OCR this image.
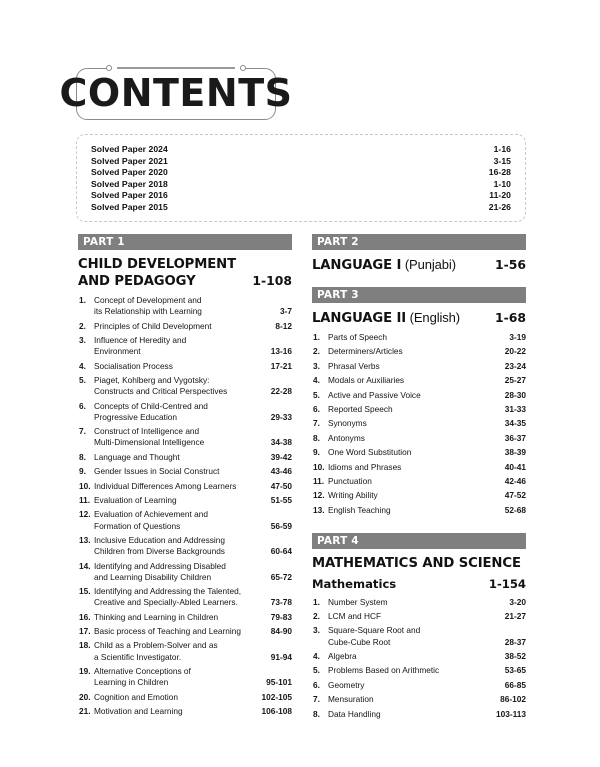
CONTENTS
Solved Paper 2024	1-16
Solved Paper 2021	3-15
Solved Paper 2020	16-28
Solved Paper 2018	1-10
Solved Paper 2016	11-20
Solved Paper 2015	21-26
PART 1
CHILD DEVELOPMENT
AND PEDAGOGY	1-108
1. Concept of Development and
its Relationship with Learning	3-7
2. Principles of Child Development	8-12
3. Influence of Heredity and
Environment	13-16
4. Socialisation Process	17-21
5. Piaget, Kohlberg and Vygotsky:
Constructs and Critical Perspectives	22-28
6. Concepts of Child-Centred and
Progressive Education	29-33
7. Construct of Intelligence and
Multi-Dimensional Intelligence	34-38
8. Language and Thought	39-42
9. Gender Issues in Social Construct	43-46
10. Individual Differences Among Learners	47-50
11. Evaluation of Learning	51-55
12. Evaluation of Achievement and
Formation of Questions	56-59
13. Inclusive Education and Addressing
Children from Diverse Backgrounds	60-64
14. Identifying and Addressing Disabled
and Learning Disability Children	65-72
15. Identifying and Addressing the Talented,
Creative and Specially-Abled Learners.	73-78
16. Thinking and Learning in Children	79-83
17. Basic process of Teaching and Learning	84-90
18. Child as a Problem-Solver and as
a Scientific Investigator.	91-94
19. Alternative Conceptions of
Learning in Children	95-101
20. Cognition and Emotion	102-105
21. Motivation and Learning	106-108
PART 2
LANGUAGE I (Punjabi)	1-56
PART 3
LANGUAGE II (English)	1-68
1. Parts of Speech	3-19
2. Determiners/Articles	20-22
3. Phrasal Verbs	23-24
4. Modals or Auxiliaries	25-27
5. Active and Passive Voice	28-30
6. Reported Speech	31-33
7. Synonyms	34-35
8. Antonyms	36-37
9. One Word Substitution	38-39
10. Idioms and Phrases	40-41
11. Punctuation	42-46
12. Writing Ability	47-52
13. English Teaching	52-68
PART 4
MATHEMATICS AND SCIENCE
Mathematics	1-154
1. Number System	3-20
2. LCM and HCF	21-27
3. Square-Square Root and
Cube-Cube Root	28-37
4. Algebra	38-52
5. Problems Based on Arithmetic	53-65
6. Geometry	66-85
7. Mensuration	86-102
8. Data Handling	103-113
